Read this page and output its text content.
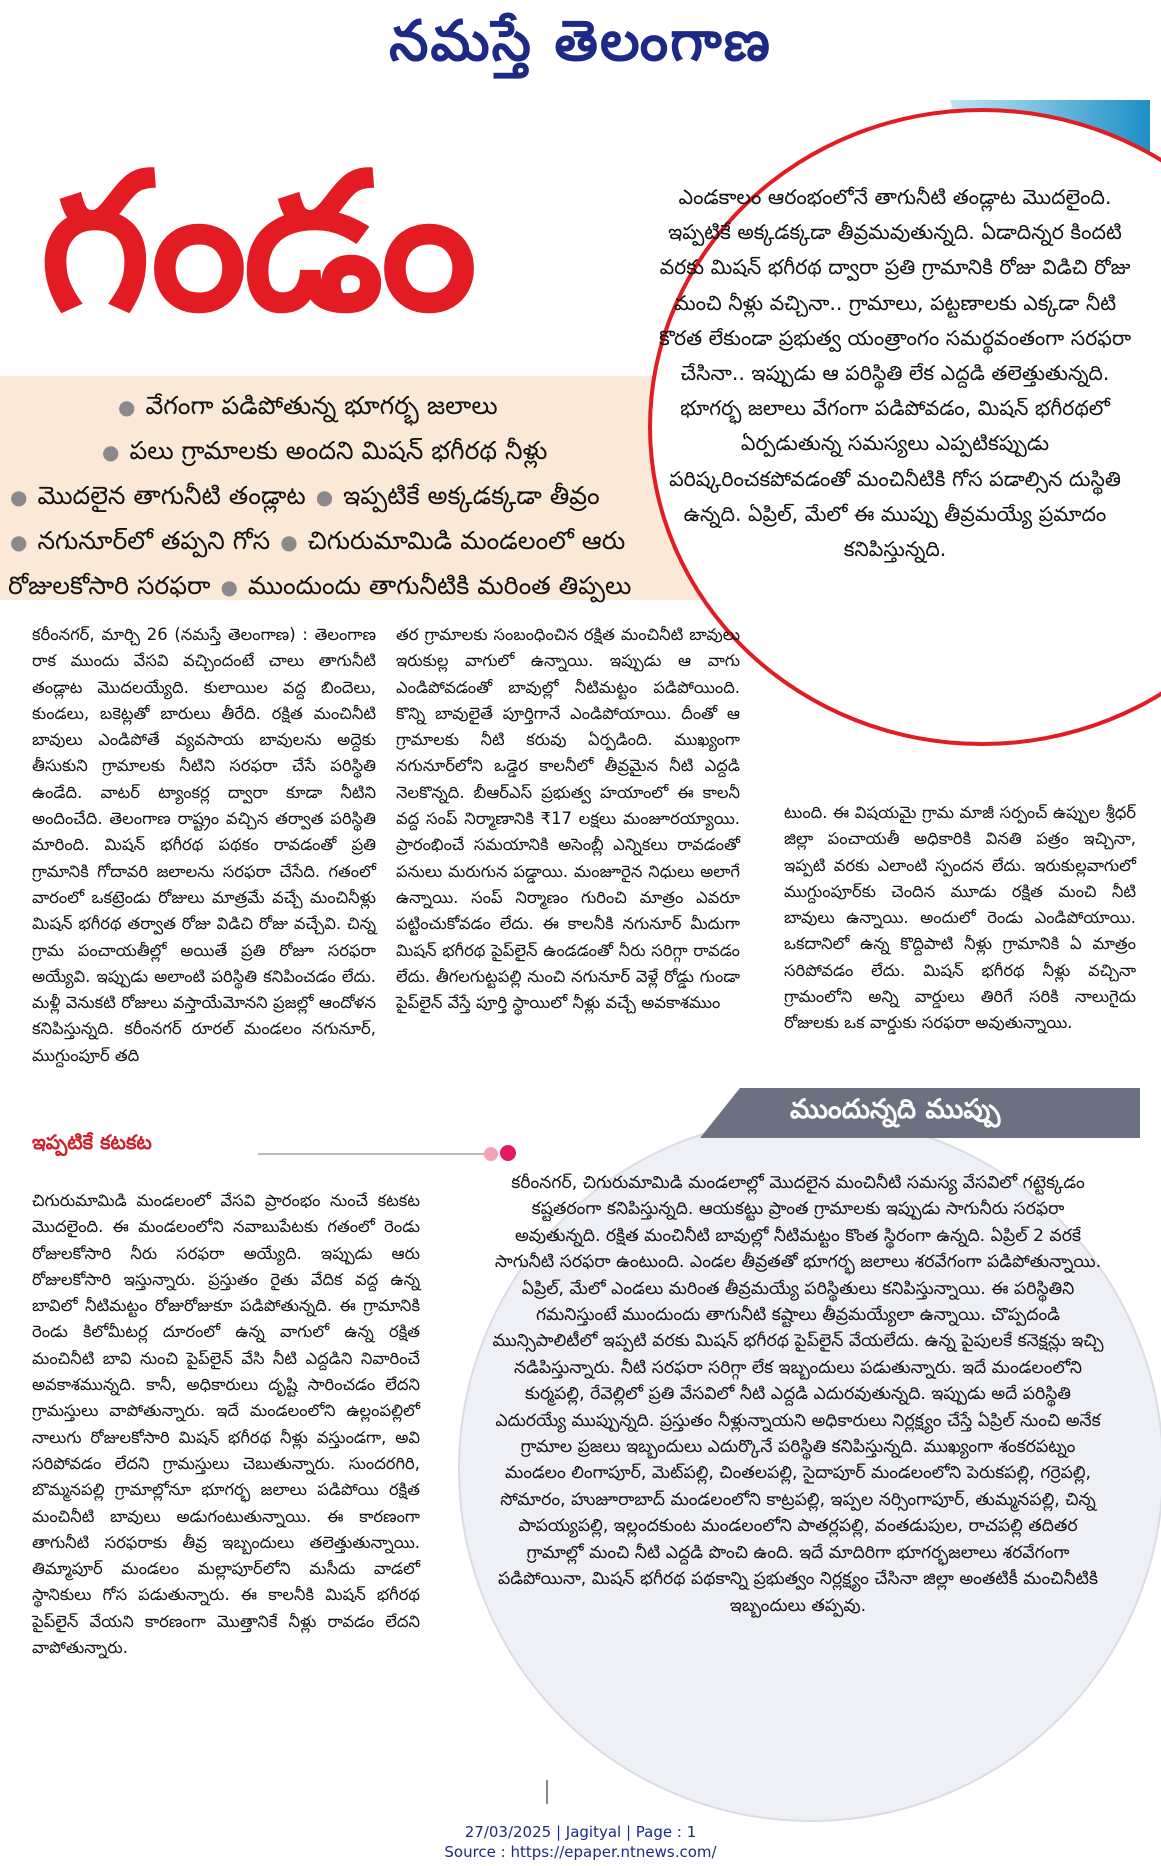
నమస్తే తెలంగాణ
గండం
● వేగంగా పడిపోతున్న భూగర్భ జలాలు
● పలు గ్రామాలకు అందని మిషన్ భగీరథ నీళ్లు
● మొదలైన తాగునీటి తండ్లాట ● ఇప్పటికే అక్కడక్కడా తీవ్రం
● నగునూర్‌లో తప్పని గోస ● చిగురుమామిడి మండలంలో ఆరు
రోజులకోసారి సరఫరా ● ముందుందు తాగునీటికి మరింత తిప్పలు
ఎండకాలం ఆరంభంలోనే తాగునీటి తండ్లాట మొదలైంది. ఇప్పటికే అక్కడక్కడా తీవ్రమవుతున్నది. ఏడాదిన్నర కిందటి వరకు మిషన్ భగీరథ ద్వారా ప్రతి గ్రామానికి రోజు విడిచి రోజు మంచి నీళ్లు వచ్చినా.. గ్రామాలు, పట్టణాలకు ఎక్కడా నీటి కొరత లేకుండా ప్రభుత్వ యంత్రాంగం సమర్థవంతంగా సరఫరా చేసినా.. ఇప్పుడు ఆ పరిస్థితి లేక ఎద్దడి తలెత్తుతున్నది. భూగర్భ జలాలు వేగంగా పడిపోవడం, మిషన్ భగీరథలో ఏర్పడుతున్న సమస్యలు ఎప్పటికప్పుడు పరిష్కరించకపోవడంతో మంచినీటికి గోస పడాల్సిన దుస్థితి ఉన్నది. ఏప్రిల్, మేలో ఈ ముప్పు తీవ్రమయ్యే ప్రమాదం కనిపిస్తున్నది.

కరీంనగర్, మార్చి 26 (నమస్తే తెలంగాణ) : తెలంగాణ రాక ముందు వేసవి వచ్చిందంటే చాలు తాగునీటి తండ్లాట మొదలయ్యేది. కులాయిల వద్ద బిందెలు, కుండలు, బకెట్లతో బారులు తీరేది. రక్షిత మంచినీటి బావులు ఎండిపోతే వ్యవసాయ బావులను అద్దెకు తీసుకుని గ్రామాలకు నీటిని సరఫరా చేసే పరిస్థితి ఉండేది. వాటర్ ట్యాంకర్ల ద్వారా కూడా నీటిని అందించేది. తెలంగాణ రాష్ట్రం వచ్చిన తర్వాత పరిస్థితి మారింది. మిషన్ భగీరథ పథకం రావడంతో ప్రతి గ్రామానికి గోదావరి జలాలను సరఫరా చేసేది. గతంలో వారంలో ఒకట్రెండు రోజులు మాత్రమే వచ్చే మంచినీళ్లు మిషన్ భగీరథ తర్వాత రోజు విడిచి రోజు వచ్చేవి. చిన్న గ్రామ పంచాయతీల్లో అయితే ప్రతి రోజూ సరఫరా అయ్యేవి. ఇప్పుడు అలాంటి పరిస్థితి కనిపించడం లేదు. మళ్లీ వెనుకటి రోజులు వస్తాయేమోనని ప్రజల్లో ఆందోళన కనిపిస్తున్నది. కరీంనగర్ రూరల్ మండలం నగునూర్, ముగ్దుంపూర్ తది

తర గ్రామాలకు సంబంధించిన రక్షిత మంచినీటి బావులు ఇరుకుల్ల వాగులో ఉన్నాయి. ఇప్పుడు ఆ వాగు ఎండిపోవడంతో బావుల్లో నీటిమట్టం పడిపోయింది. కొన్ని బావులైతే పూర్తిగానే ఎండిపోయాయి. దీంతో ఆ గ్రామాలకు నీటి కరువు ఏర్పడింది. ముఖ్యంగా నగునూర్‌లోని ఒడ్డెర కాలనీలో తీవ్రమైన నీటి ఎద్దడి నెలకొన్నది. బీఆర్‌ఎస్ ప్రభుత్వ హయాంలో ఈ కాలనీ వద్ద సంప్ నిర్మాణానికి ₹17 లక్షలు మంజూరయ్యాయి. ప్రారంభించే సమయానికి అసెంబ్లీ ఎన్నికలు రావడంతో పనులు మరుగున పడ్డాయి. మంజూరైన నిధులు అలాగే ఉన్నాయి. సంప్ నిర్మాణం గురించి మాత్రం ఎవరూ పట్టించుకోవడం లేదు. ఈ కాలనీకి నగునూర్ మీదుగా మిషన్ భగీరథ పైప్‌లైన్ ఉండడంతో నీరు సరిగ్గా రావడం లేదు. తీగలగుట్టపల్లి నుంచి నగునూర్ వెళ్లే రోడ్డు గుండా పైప్‌లైన్ వేస్తే పూర్తి స్థాయిలో నీళ్లు వచ్చే అవకాశముం

టుంది. ఈ విషయమై గ్రామ మాజీ సర్పంచ్ ఉప్పుల శ్రీధర్ జిల్లా పంచాయతీ అధికారికి వినతి పత్రం ఇచ్చినా, ఇప్పటి వరకు ఎలాంటి స్పందన లేదు. ఇరుకుల్లవాగులో ముగ్దుంపూర్‌కు చెందిన మూడు రక్షిత మంచి నీటి బావులు ఉన్నాయి. అందులో రెండు ఎండిపోయాయి. ఒకదానిలో ఉన్న కొద్దిపాటి నీళ్లు గ్రామానికి ఏ మాత్రం సరిపోవడం లేదు. మిషన్ భగీరథ నీళ్లు వచ్చినా గ్రామంలోని అన్ని వార్డులు తిరిగే సరికి నాలుగైదు రోజులకు ఒక వార్డుకు సరఫరా అవుతున్నాయి.

ఇప్పటికే కటకట

చిగురుమామిడి మండలంలో వేసవి ప్రారంభం నుంచే కటకట మొదలైంది. ఈ మండలంలోని నవాబుపేటకు గతంలో రెండు రోజులకోసారి నీరు సరఫరా అయ్యేది. ఇప్పుడు ఆరు రోజులకోసారి ఇస్తున్నారు. ప్రస్తుతం రైతు వేదిక వద్ద ఉన్న బావిలో నీటిమట్టం రోజురోజుకూ పడిపోతున్నది. ఈ గ్రామానికి రెండు కిలోమీటర్ల దూరంలో ఉన్న వాగులో ఉన్న రక్షిత మంచినీటి బావి నుంచి పైప్‌లైన్ వేసి నీటి ఎద్దడిని నివారించే అవకాశమున్నది. కానీ, అధికారులు దృష్టి సారించడం లేదని గ్రామస్తులు వాపోతున్నారు. ఇదే మండలంలోని ఉల్లంపల్లిలో నాలుగు రోజులకోసారి మిషన్ భగీరథ నీళ్లు వస్తుండగా, అవి సరిపోవడం లేదని గ్రామస్తులు చెబుతున్నారు. సుందరగిరి, బొమ్మనపల్లి గ్రామాల్లోనూ భూగర్భ జలాలు పడిపోయి రక్షిత మంచినీటి బావులు అడుగంటుతున్నాయి. ఈ కారణంగా తాగునీటి సరఫరాకు తీవ్ర ఇబ్బందులు తలెత్తుతున్నాయి. తిమ్మాపూర్ మండలం మల్లాపూర్‌లోని మసీదు వాడలో స్థానికులు గోస పడుతున్నారు. ఈ కాలనీకి మిషన్ భగీరథ పైప్‌లైన్ వేయని కారణంగా మొత్తానికే నీళ్లు రావడం లేదని వాపోతున్నారు.

ముందున్నది ముప్పు
కరీంనగర్, చిగురుమామిడి మండలాల్లో మొదలైన మంచినీటి సమస్య వేసవిలో గట్టెక్కడం కష్టతరంగా కనిపిస్తున్నది. ఆయకట్టు ప్రాంత గ్రామాలకు ఇప్పుడు సాగునీరు సరఫరా అవుతున్నది. రక్షిత మంచినీటి బావుల్లో నీటిమట్టం కొంత స్థిరంగా ఉన్నది. ఏప్రిల్ 2 వరకే సాగునీటి సరఫరా ఉంటుంది. ఎండల తీవ్రతతో భూగర్భ జలాలు శరవేగంగా పడిపోతున్నాయి. ఏప్రిల్, మేలో ఎండలు మరింత తీవ్రమయ్యే పరిస్థితులు కనిపిస్తున్నాయి. ఈ పరిస్థితిని గమనిస్తుంటే ముందుందు తాగునీటి కష్టాలు తీవ్రమయ్యేలా ఉన్నాయి. చొప్పదండి మున్సిపాలిటీలో ఇప్పటి వరకు మిషన్ భగీరథ పైప్‌లైన్ వేయలేదు. ఉన్న పైపులకే కనెక్షన్లు ఇచ్చి నడిపిస్తున్నారు. నీటి సరఫరా సరిగ్గా లేక ఇబ్బందులు పడుతున్నారు. ఇదే మండలంలోని కుర్మపల్లి, రేవెల్లిలో ప్రతి వేసవిలో నీటి ఎద్దడి ఎదురవుతున్నది. ఇప్పుడు అదే పరిస్థితి ఎదురయ్యే ముప్పున్నది. ప్రస్తుతం నీళ్లున్నాయని అధికారులు నిర్లక్ష్యం చేస్తే ఏప్రిల్ నుంచి అనేక గ్రామాల ప్రజలు ఇబ్బందులు ఎదుర్కొనే పరిస్థితి కనిపిస్తున్నది. ముఖ్యంగా శంకరపట్నం మండలం లింగాపూర్, మెట్‌పల్లి, చింతలపల్లి, సైదాపూర్ మండలంలోని పెరుకపల్లి, గర్రెపల్లి, సోమారం, హుజూరాబాద్ మండలంలోని కాట్రపల్లి, ఇప్పల నర్సింగాపూర్, తుమ్మనపల్లి, చిన్న పాపయ్యపల్లి, ఇల్లందకుంట మండలంలోని పాతర్లపల్లి, వంతడుపుల, రాచపల్లి తదితర గ్రామాల్లో మంచి నీటి ఎద్దడి పొంచి ఉంది. ఇదే మాదిరిగా భూగర్భజలాలు శరవేగంగా పడిపోయినా, మిషన్ భగీరథ పథకాన్ని ప్రభుత్వం నిర్లక్ష్యం చేసినా జిల్లా అంతటికీ మంచినీటికి ఇబ్బందులు తప్పవు.
27/03/2025 | Jagityal | Page : 1
Source : https://epaper.ntnews.com/
